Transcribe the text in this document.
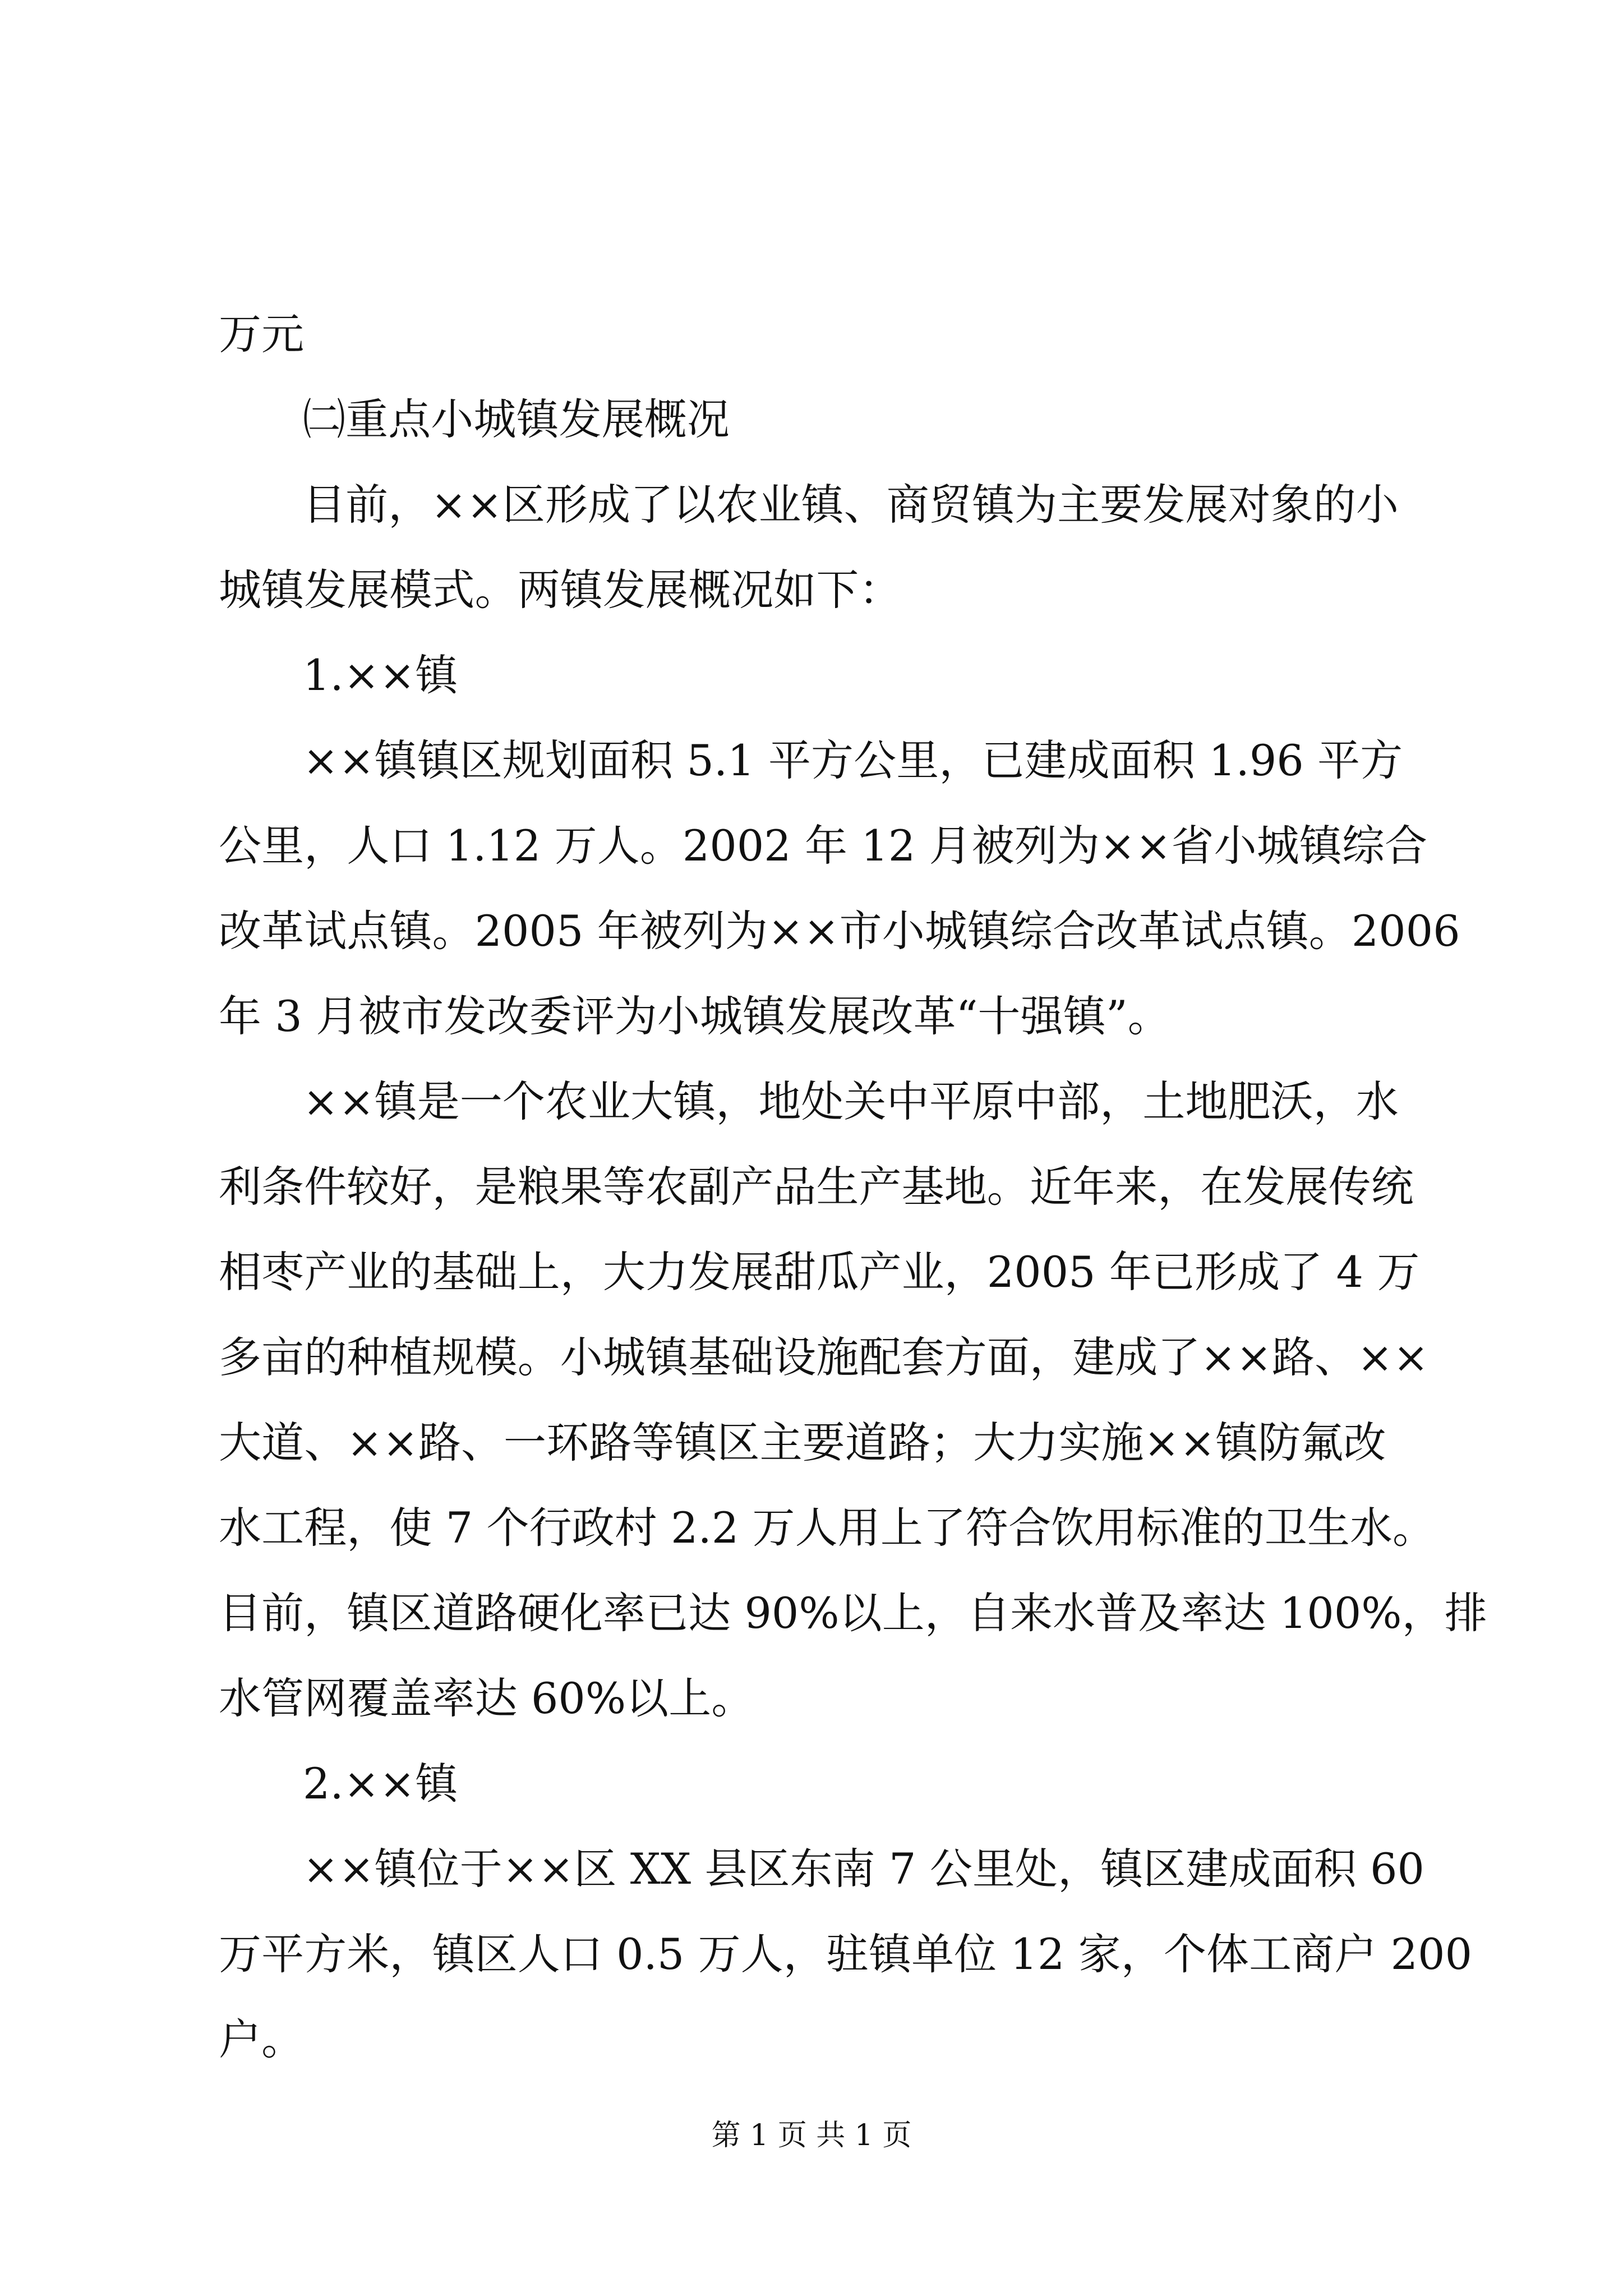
万元
㈡重点小城镇发展概况
目前，××区形成了以农业镇、商贸镇为主要发展对象的小
城镇发展模式。两镇发展概况如下：
1.××镇
××镇镇区规划面积 5.1 平方公里，已建成面积 1.96 平方
公里，人口 1.12 万人。2002 年 12 月被列为××省小城镇综合
改革试点镇。2005 年被列为××市小城镇综合改革试点镇。2006
年 3 月被市发改委评为小城镇发展改革“十强镇”。
××镇是一个农业大镇，地处关中平原中部，土地肥沃，水
利条件较好，是粮果等农副产品生产基地。近年来，在发展传统
相枣产业的基础上，大力发展甜瓜产业，2005 年已形成了 4 万
多亩的种植规模。小城镇基础设施配套方面，建成了××路、××
大道、××路、一环路等镇区主要道路；大力实施××镇防氟改
水工程，使 7 个行政村 2.2 万人用上了符合饮用标准的卫生水。
目前，镇区道路硬化率已达 90%以上，自来水普及率达 100%，排
水管网覆盖率达 60%以上。
2.××镇
××镇位于××区 XX 县区东南 7 公里处，镇区建成面积 60
万平方米，镇区人口 0.5 万人，驻镇单位 12 家，个体工商户 200
户。
第 1 页 共 1 页
